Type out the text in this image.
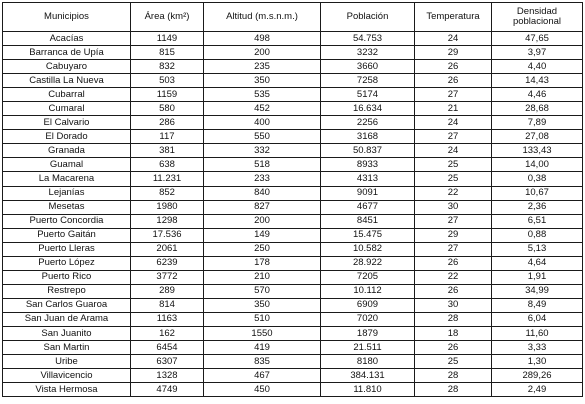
Municipios	Área (km²)	Altitud (m.s.n.m.)	Población	Temperatura	Densidad
poblacional
Acacías	1149	498	54.753	24	47,65
Barranca de Upía	815	200	3232	29	3,97
Cabuyaro	832	235	3660	26	4,40
Castilla La Nueva	503	350	7258	26	14,43
Cubarral	1159	535	5174	27	4,46
Cumaral	580	452	16.634	21	28,68
El Calvario	286	400	2256	24	7,89
El Dorado	117	550	3168	27	27,08
Granada	381	332	50.837	24	133,43
Guamal	638	518	8933	25	14,00
La Macarena	11.231	233	4313	25	0,38
Lejanías	852	840	9091	22	10,67
Mesetas	1980	827	4677	30	2,36
Puerto Concordia	1298	200	8451	27	6,51
Puerto Gaitán	17.536	149	15.475	29	0,88
Puerto Lleras	2061	250	10.582	27	5,13
Puerto López	6239	178	28.922	26	4,64
Puerto Rico	3772	210	7205	22	1,91
Restrepo	289	570	10.112	26	34,99
San Carlos Guaroa	814	350	6909	30	8,49
San Juan de Arama	1163	510	7020	28	6,04
San Juanito	162	1550	1879	18	11,60
San Martin	6454	419	21.511	26	3,33
Uribe	6307	835	8180	25	1,30
Villavicencio	1328	467	384.131	28	289,26
Vista Hermosa	4749	450	11.810	28	2,49
